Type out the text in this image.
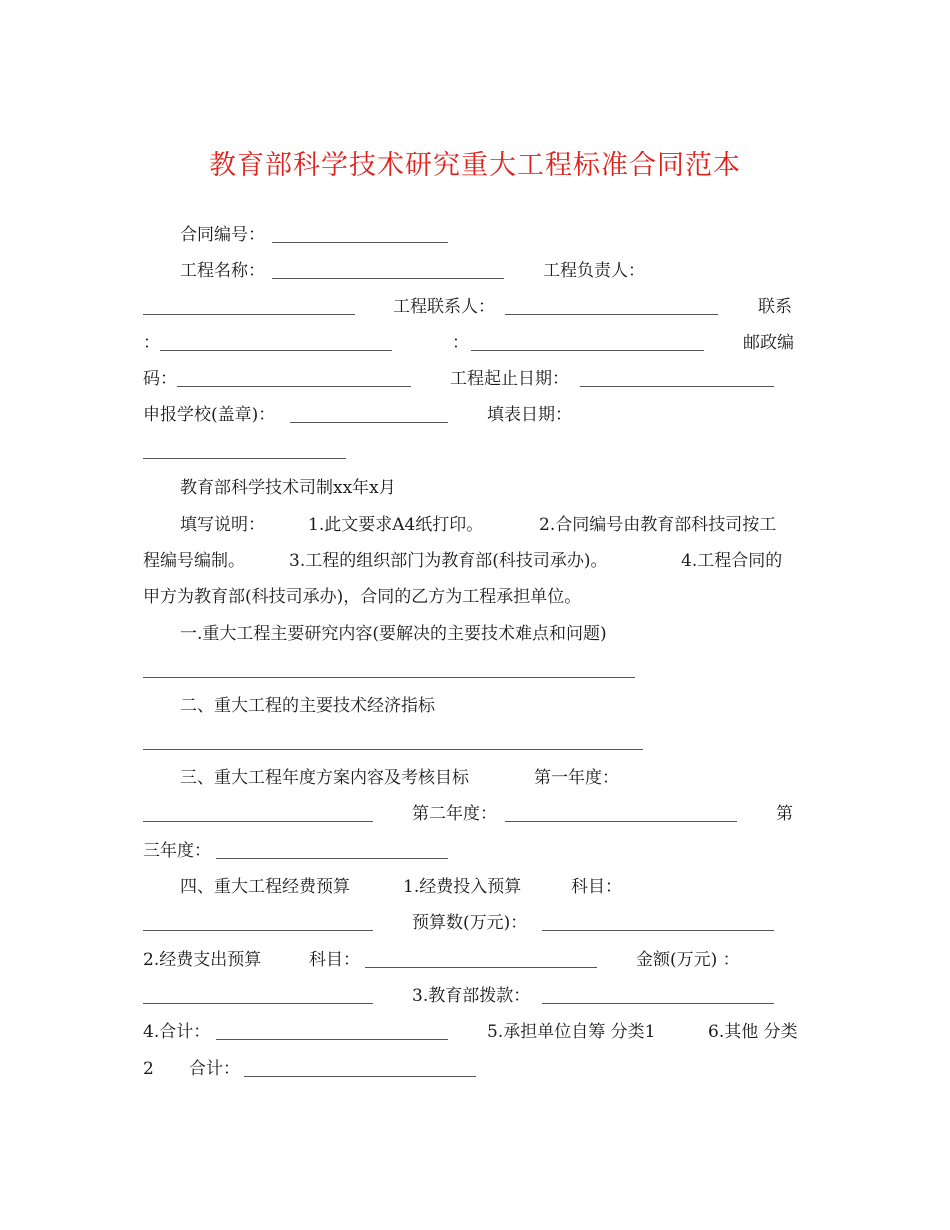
教育部科学技术研究重大工程标准合同范本
合同编号：
工程名称：	工程负责人：
工程联系人：	联系
：	：	邮政编
码：	工程起止日期：
申报学校(盖章)：	填表日期：
教育部科学技术司制xx年x月
填写说明：	1.此文要求A4纸打印。	2.合同编号由教育部科技司按工
程编号编制。	3.工程的组织部门为教育部(科技司承办)。	4.工程合同的
甲方为教育部(科技司承办)，合同的乙方为工程承担单位。
一.重大工程主要研究内容(要解决的主要技术难点和问题)
二、重大工程的主要技术经济指标
三、重大工程年度方案内容及考核目标	第一年度：
第二年度：	第
三年度：
四、重大工程经费预算	1.经费投入预算	科目：
预算数(万元)：
2.经费支出预算	科目：	金额(万元) ：
3.教育部拨款：
4.合计：	5.承担单位自筹 分类1	6.其他 分类
2 合计：
